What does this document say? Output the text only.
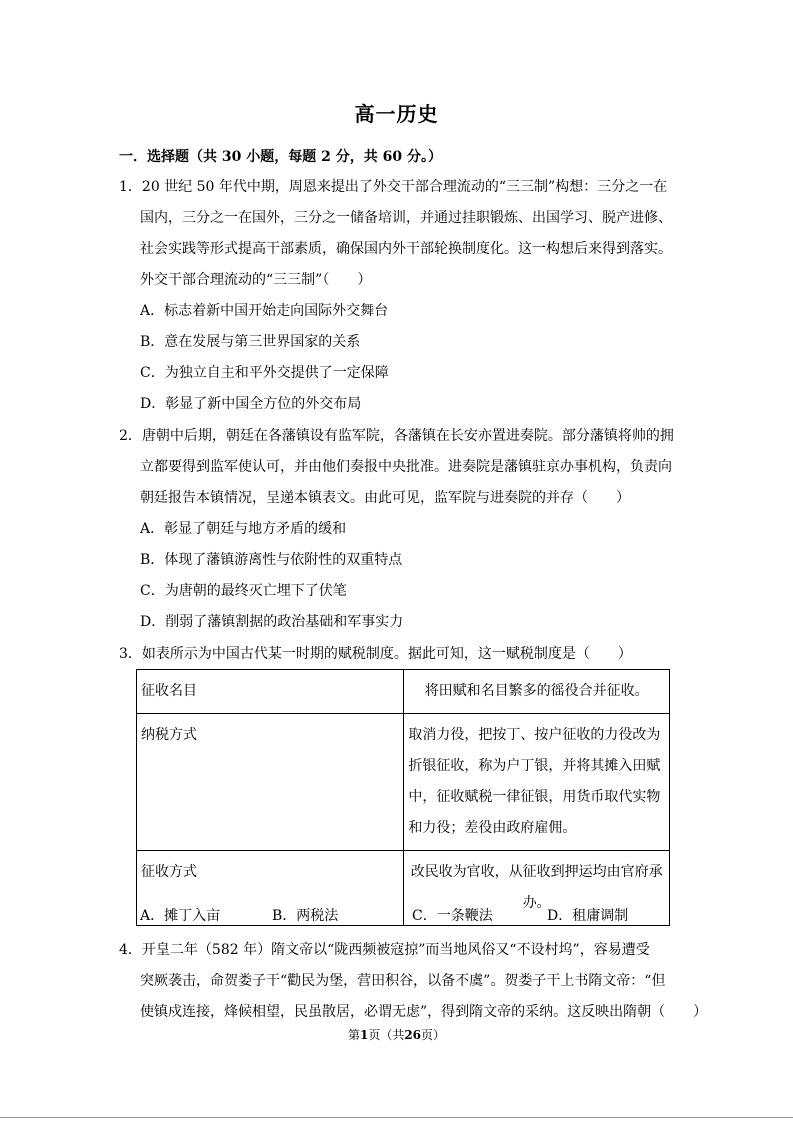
高一历史
一．选择题（共 30 小题，每题 2 分，共 60 分。）
1．20 世纪 50 年代中期，周恩来提出了外交干部合理流动的“三三制”构想：三分之一在
国内，三分之一在国外，三分之一储备培训，并通过挂职锻炼、出国学习、脱产进修、
社会实践等形式提高干部素质，确保国内外干部轮换制度化。这一构想后来得到落实。
外交干部合理流动的“三三制”（　　）
A．标志着新中国开始走向国际外交舞台
B．意在发展与第三世界国家的关系
C．为独立自主和平外交提供了一定保障
D．彰显了新中国全方位的外交布局
2．唐朝中后期，朝廷在各藩镇设有监军院，各藩镇在长安亦置进奏院。部分藩镇将帅的拥
立都要得到监军使认可，并由他们奏报中央批准。进奏院是藩镇驻京办事机构，负责向
朝廷报告本镇情况，呈递本镇表文。由此可见，监军院与进奏院的并存（　　）
A．彰显了朝廷与地方矛盾的缓和
B．体现了藩镇游离性与依附性的双重特点
C．为唐朝的最终灭亡埋下了伏笔
D．削弱了藩镇割据的政治基础和军事实力
3．如表所示为中国古代某一时期的赋税制度。据此可知，这一赋税制度是（　　）
征收名目	将田赋和名目繁多的徭役合并征收。
纳税方式	取消力役，把按丁、按户征收的力役改为折银征收，称为户丁银，并将其摊入田赋中，征收赋税一律征银，用货币取代实物和力役；差役由政府雇佣。
征收方式	改民收为官收，从征收到押运均由官府承办。
A．摊丁入亩	B．两税法	C．一条鞭法	D．租庸调制
4．开皇二年（582 年）隋文帝以“陇西频被寇掠”而当地风俗又“不设村坞”，容易遭受
突厥袭击，命贺娄子干“勸民为堡，营田积谷，以备不虞”。贺娄子干上书隋文帝：“但
使镇戍连接，烽候相望，民虽散居，必谓无虑”，得到隋文帝的采纳。这反映出隋朝（　　）
第1页（共26页）
